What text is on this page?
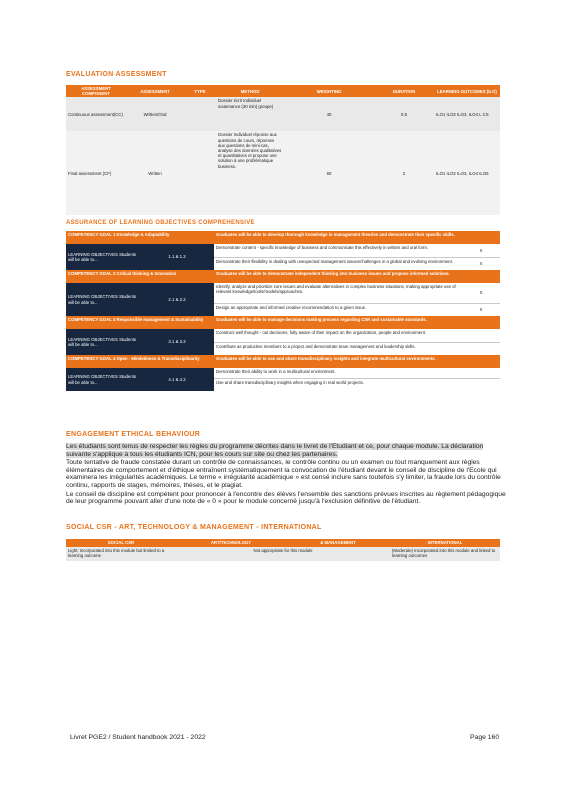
EVALUATION ASSESSMENT
ASSESSMENT COMPONENT	ASSESSMENT	TYPE	METHOD	WEIGHTING	DURATION	LEARNING OUTCOMES (ILO)
Continuous assessment(CC)	Written/Oral		Dossier écrit Individuel soutenance (30 min) groupe)	40	0.5	ILO1 ILO2 ILO3, ILO4 L CS
Final assessment (CF)	Written		Dossier Individuel réponse aux questions de cours, réponses aux questions de mini-cas, analyse des données qualitatives et quantitatives et propose une solution à une problématique business.	60	2	ILO1 ILO2 ILO3, ILO4 ILO5
ASSURANCE OF LEARNING OBJECTIVES COMPREHENSIVE
COMPETENCY GOAL 1 Knowledge & Adaptability		Graduates will be able to develop thorough knowledge in management theories and demonstrate their specific skills.	
LEARNING OBJECTIVES Students will be able to...	1.1 & 1.2	Demonstrate content - specific knowledge of business and communicate this effectively in written and oral form.	X
		Demonstrate their flexibility in dealing with unexpected management issues/challenges in a global and evolving environment.	X
COMPETENCY GOAL 2 Critical thinking & Innovation		Graduates will be able to demonstrate independent thinking into business issues and propose informed solutions.	
LEARNING OBJECTIVES Students will be able to...	2.1 & 2.2	Identify, analyze and prioritize core issues and evaluate alternatives in complex business situations, making appropriate use of relevant knowledge/tools/models/approaches.	X
		Design an appropriate and informed creative recommendation to a given issue.	X
COMPETENCY GOAL 3 Responsible management & Sustainability		Graduates will be able to manage decisions making process regarding CSR and sustainable standards.	
LEARNING OBJECTIVES Students will be able to...	3.1 & 3.2	Construct well thought - out decisions, fully aware of their impact on the organization, people and environment.	
		Contribute as productive members to a project and demonstrate team management and leadership skills.	
COMPETENCY GOAL 4 Open - Mindedness & Transdisciplinarity		Graduates will be able to use and share transdisciplinary insights and integrate multicultural environments.	
LEARNING OBJECTIVES Students will be able to...	4.1 & 4.2	Demonstrate their ability to work in a multicultural environment.	
		Use and share transdisciplinary insights when engaging in real world projects.	
ENGAGEMENT ETHICAL BEHAVIOUR

Les étudiants sont tenus de respecter les règles du programme décrites dans le livret de l'Etudiant et ce, pour chaque module. La déclaration suivante s'applique à tous les étudiants ICN, pour les cours sur site ou chez les partenaires.

Toute tentative de fraude constatée durant un contrôle de connaissances, le contrôle continu ou un examen ou tout manquement aux règles élémentaires de comportement et d'éthique entraînent systématiquement la convocation de l'étudiant devant le conseil de discipline de l'Ecole qui examinera les irrégularités académiques. Le terme « irrégularité académique » est censé inclure sans toutefois s'y limiter, la fraude lors du contrôle continu, rapports de stages, mémoires, thèses, et le plagiat.

Le conseil de discipline est compétent pour prononcer à l'encontre des élèves l'ensemble des sanctions prévues inscrites au règlement pédagogique de leur programme pouvant aller d'une note de « 0 » pour le module concerné jusqu'à l'exclusion définitive de l'étudiant.

SOCIAL CSR - ART, TECHNOLOGY & MANAGEMENT - INTERNATIONAL
SOCIAL CSR	ART/TECHNOLOGY	& MANAGEMENT	INTERNATIONAL
Light: Incorporated into this module but limited to a learning outcome	Not appropriate for this module		(Moderate) Incorporated into this module and linked to learning outcomes
Livret PGE2 / Student handbook 2021 - 2022	Page 160
